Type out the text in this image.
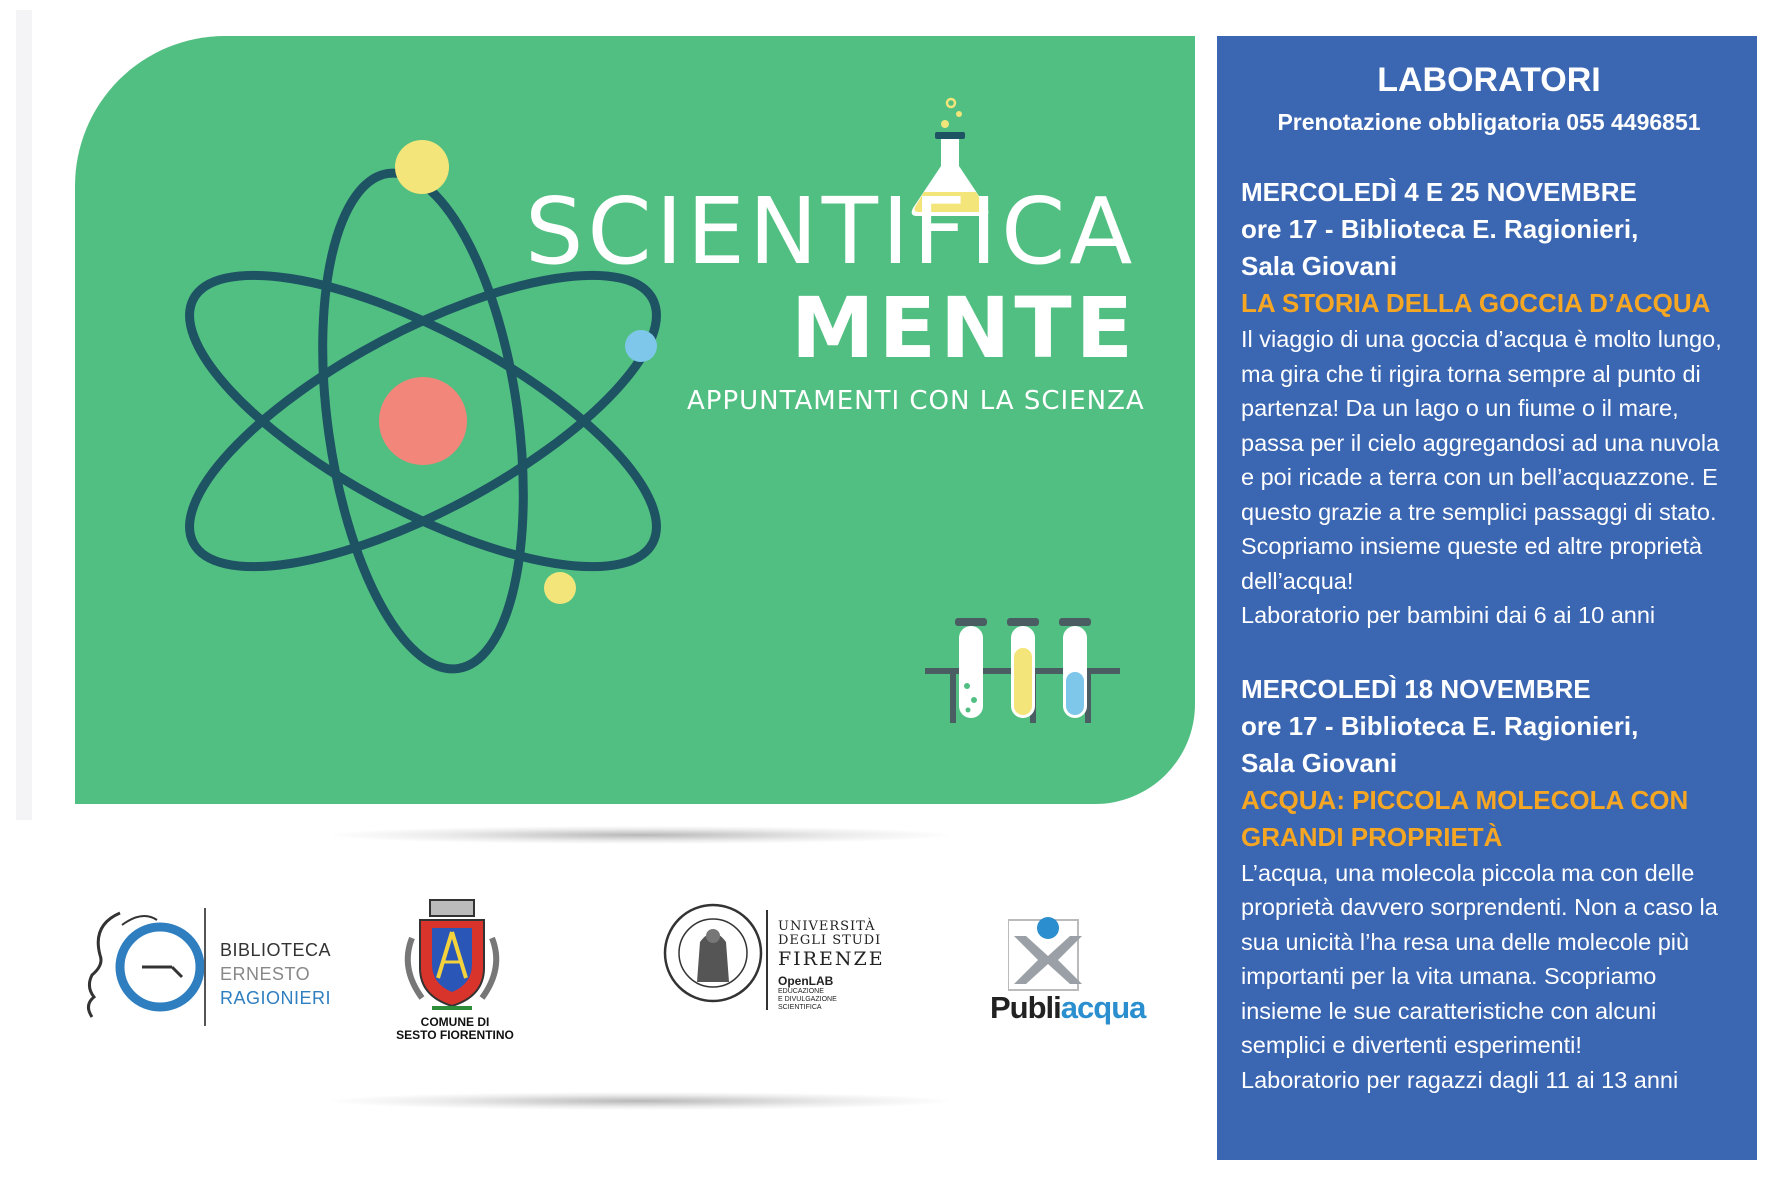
SCIENTIFICA
MENTE

APPUNTAMENTI CON LA SCIENZA

BIBLIOTECA
ERNESTO
RAGIONIERI
COMUNE DI
SESTO FIORENTINO
UNIVERSITÀ
DEGLI STUDI
FIRENZE
OpenLAB
EDUCAZIONE
E DIVULGAZIONE
SCIENTIFICA	Publiacqua
LABORATORI

Prenotazione obbligatoria 055 4496851

MERCOLEDÌ 4 E 25 NOVEMBRE

ore 17 - Biblioteca E. Ragionieri,

Sala Giovani

LA STORIA DELLA GOCCIA D’ACQUA

Il viaggio di una goccia d’acqua è molto lungo, ma gira che ti rigira torna sempre al punto di partenza! Da un lago o un fiume o il mare, passa per il cielo aggregandosi ad una nuvola e poi ricade a terra con un bell’acquazzone. E questo grazie a tre semplici passaggi di stato. Scopriamo insieme queste ed altre proprietà dell’acqua!

Laboratorio per bambini dai 6 ai 10 anni

MERCOLEDÌ 18 NOVEMBRE

ore 17 - Biblioteca E. Ragionieri,

Sala Giovani

ACQUA: PICCOLA MOLECOLA CON GRANDI PROPRIETÀ

L’acqua, una molecola piccola ma con delle proprietà davvero sorprendenti. Non a caso la sua unicità l’ha resa una delle molecole più importanti per la vita umana. Scopriamo insieme le sue caratteristiche con alcuni semplici e divertenti esperimenti!

Laboratorio per ragazzi dagli 11 ai 13 anni
